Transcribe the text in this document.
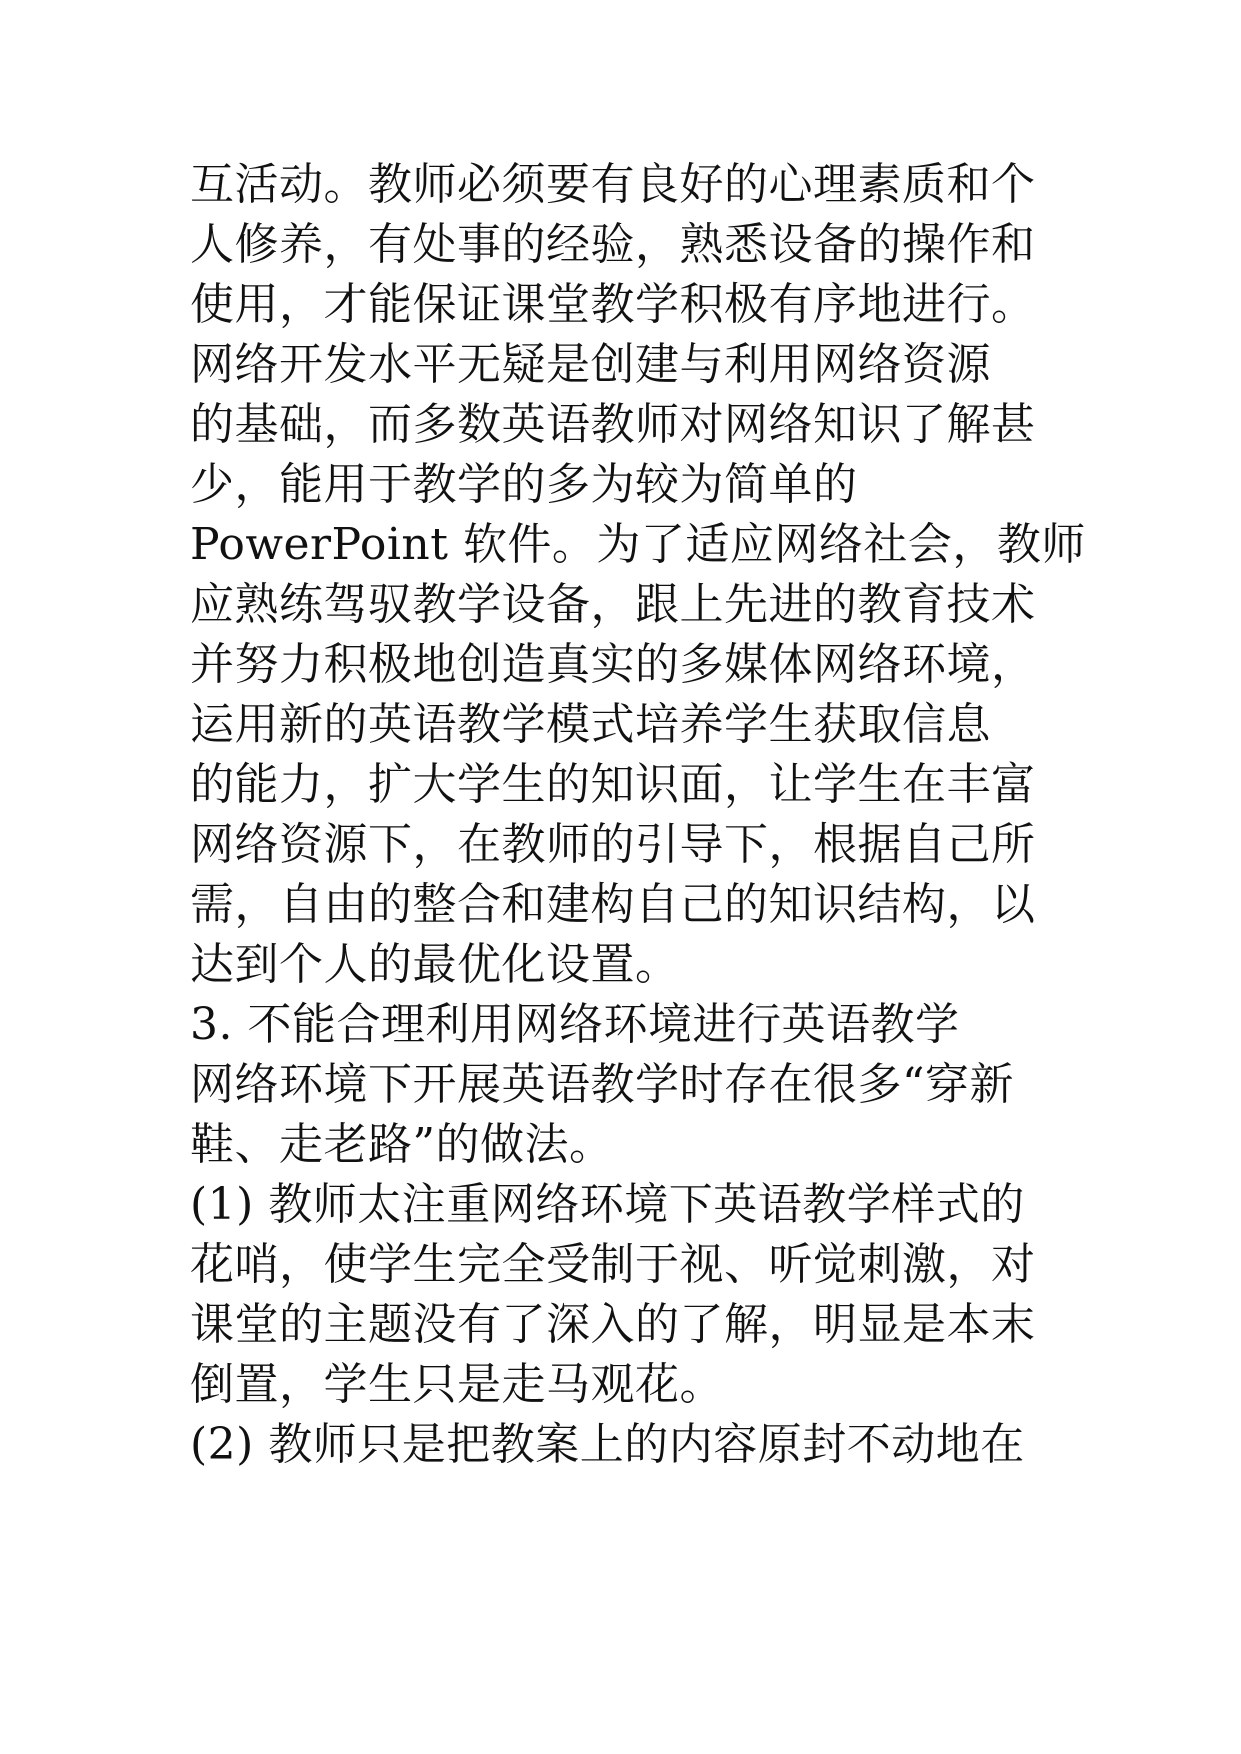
互活动。教师必须要有良好的心理素质和个
人修养，有处事的经验，熟悉设备的操作和
使用，才能保证课堂教学积极有序地进行。
网络开发水平无疑是创建与利用网络资源
的基础，而多数英语教师对网络知识了解甚
少，能用于教学的多为较为简单的
PowerPoint 软件。为了适应网络社会，教师
应熟练驾驭教学设备，跟上先进的教育技术
并努力积极地创造真实的多媒体网络环境，
运用新的英语教学模式培养学生获取信息
的能力，扩大学生的知识面，让学生在丰富
网络资源下，在教师的引导下，根据自己所
需，自由的整合和建构自己的知识结构，以
达到个人的最优化设置。
3. 不能合理利用网络环境进行英语教学
网络环境下开展英语教学时存在很多“穿新
鞋、走老路”的做法。
(1) 教师太注重网络环境下英语教学样式的
花哨，使学生完全受制于视、听觉刺激，对
课堂的主题没有了深入的了解，明显是本末
倒置，学生只是走马观花。
(2) 教师只是把教案上的内容原封不动地在
